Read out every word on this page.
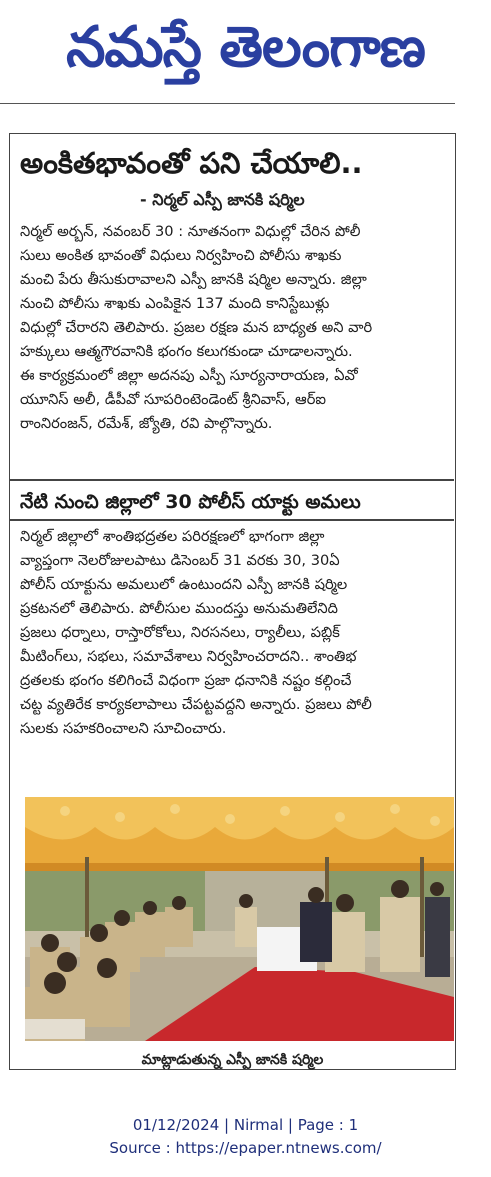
నమస్తే తెలంగాణ
అంకితభావంతో పని చేయాలి..
- నిర్మల్ ఎస్పీ జానకి షర్మిల
నిర్మల్ అర్బన్, నవంబర్ 30 : నూతనంగా విధుల్లో చేరిన పోలీ
సులు అంకిత భావంతో విధులు నిర్వహించి పోలీసు శాఖకు
మంచి పేరు తీసుకురావాలని ఎస్పీ జానకి షర్మిల అన్నారు. జిల్లా
నుంచి పోలీసు శాఖకు ఎంపికైన 137 మంది కానిస్టేబుళ్లు
విధుల్లో చేరారని తెలిపారు. ప్రజల రక్షణ మన బాధ్యత అని వారి
హక్కులు ఆత్మగౌరవానికి భంగం కలుగకుండా చూడాలన్నారు.
ఈ కార్యక్రమంలో జిల్లా అదనపు ఎస్పీ సూర్యనారాయణ, ఏవో
యూనిస్ అలీ, డీపీవో సూపరింటెండెంట్ శ్రీనివాస్, ఆర్ఐ
రాంనిరంజన్, రమేశ్, జ్యోతి, రవి పాల్గొన్నారు.
నేటి నుంచి జిల్లాలో 30 పోలీస్ యాక్టు అమలు
నిర్మల్ జిల్లాలో శాంతిభద్రతల పరిరక్షణలో భాగంగా జిల్లా
వ్యాప్తంగా నెలరోజులపాటు డిసెంబర్ 31 వరకు 30, 30ఏ
పోలీస్ యాక్టును అమలులో ఉంటుందని ఎస్పీ జానకి షర్మిల
ప్రకటనలో తెలిపారు. పోలీసుల ముందస్తు అనుమతిలేనిది
ప్రజలు ధర్నాలు, రాస్తారోకోలు, నిరసనలు, ర్యాలీలు, పబ్లిక్
మీటింగ్‌లు, సభలు, సమావేశాలు నిర్వహించరాదని.. శాంతిభ
ద్రతలకు భంగం కలిగించే విధంగా ప్రజా ధనానికి నష్టం కల్గించే
చట్ట వ్యతిరేక కార్యకలాపాలు చేపట్టవద్దని అన్నారు. ప్రజలు పోలీ
సులకు సహకరించాలని సూచించారు.
మాట్లాడుతున్న ఎస్పీ జానకి షర్మిల
01/12/2024 | Nirmal | Page : 1
Source : https://epaper.ntnews.com/
